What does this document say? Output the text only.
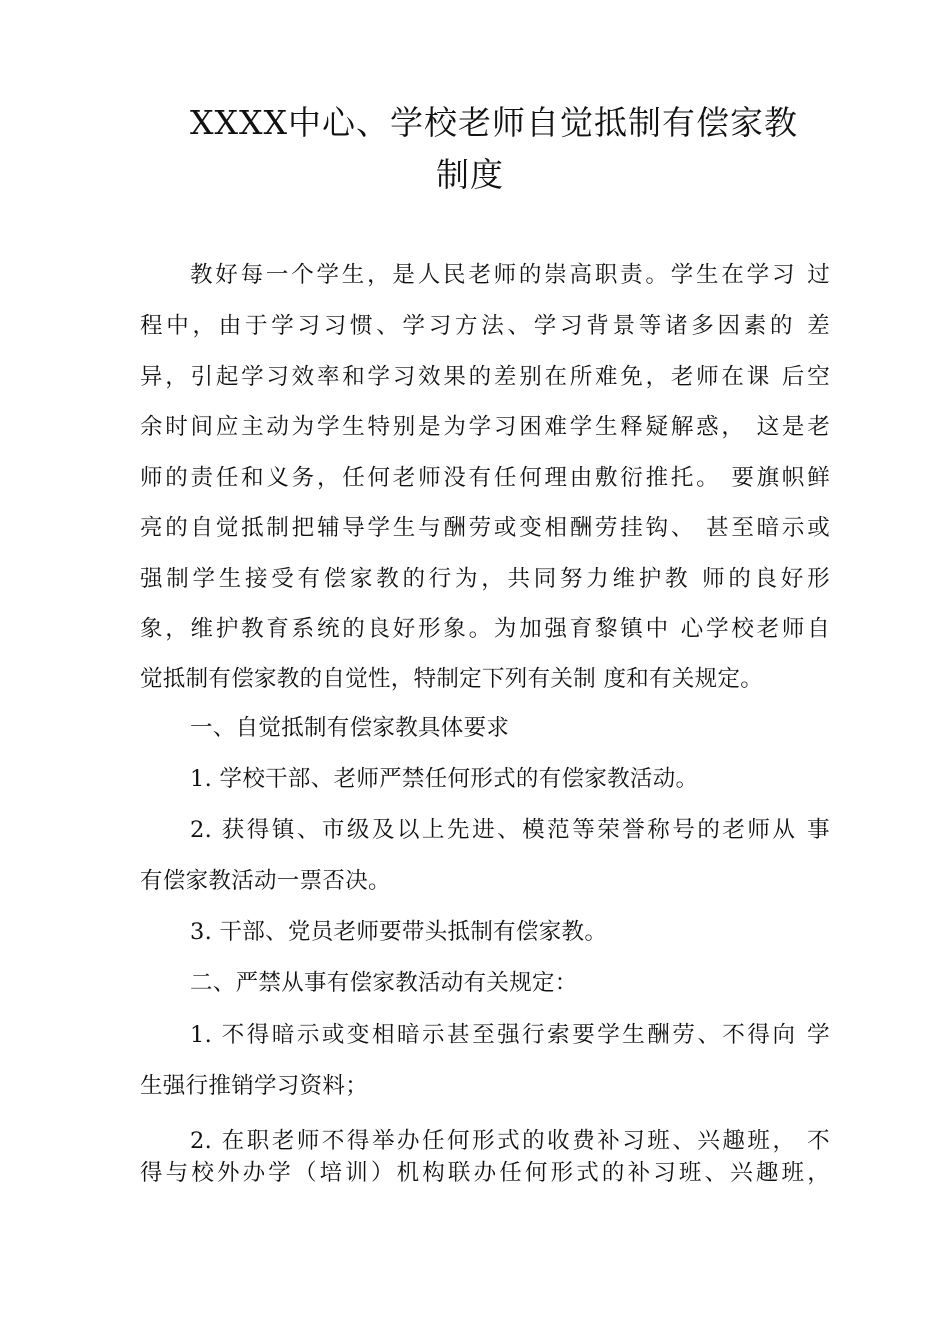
XXXX中心、学校老师自觉抵制有偿家教
制度
教好每一个学生，是人民老师的崇高职责。学生在学习 过
程中，由于学习习惯、学习方法、学习背景等诸多因素的 差
异，引起学习效率和学习效果的差别在所难免，老师在课 后空
余时间应主动为学生特别是为学习困难学生释疑解惑， 这是老
师的责任和义务，任何老师没有任何理由敷衍推托。 要旗帜鲜
亮的自觉抵制把辅导学生与酬劳或变相酬劳挂钩、 甚至暗示或
强制学生接受有偿家教的行为，共同努力维护教 师的良好形
象，维护教育系统的良好形象。为加强育黎镇中 心学校老师自
觉抵制有偿家教的自觉性，特制定下列有关制 度和有关规定。
一、自觉抵制有偿家教具体要求
1. 学校干部、老师严禁任何形式的有偿家教活动。
2. 获得镇、市级及以上先进、模范等荣誉称号的老师从 事
有偿家教活动一票否决。
3. 干部、党员老师要带头抵制有偿家教。
二、严禁从事有偿家教活动有关规定：
1. 不得暗示或变相暗示甚至强行索要学生酬劳、不得向 学
生强行推销学习资料；
2. 在职老师不得举办任何形式的收费补习班、兴趣班， 不
得与校外办学（培训）机构联办任何形式的补习班、兴趣班，
